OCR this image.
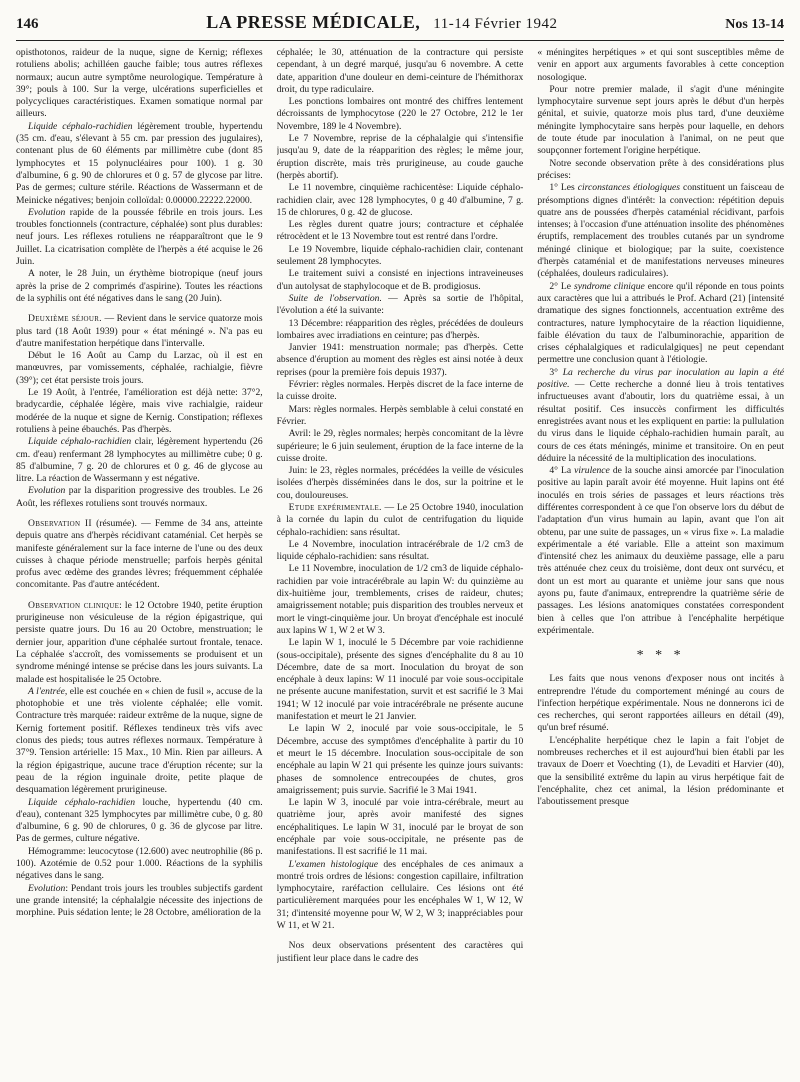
146	LA PRESSE MÉDICALE, 11-14 Février 1942	Nos 13-14

opisthotonos, raideur de la nuque, signe de Kernig; réflexes rotuliens abolis; achilléen gauche faible; tous autres réflexes normaux; aucun autre symptôme neurologique. Température à 39°; pouls à 100. Sur la verge, ulcérations superficielles et polycycliques caractéristiques. Examen somatique normal par ailleurs.

Liquide céphalo-rachidien légèrement trouble, hypertendu (35 cm. d'eau, s'élevant à 55 cm. par pression des jugulaires), contenant plus de 60 éléments par millimètre cube (dont 85 lymphocytes et 15 polynucléaires pour 100). 1 g. 30 d'albumine, 6 g. 90 de chlorures et 0 g. 57 de glycose par litre. Pas de germes; culture stérile. Réactions de Wassermann et de Meinicke négatives; benjoin colloïdal: 0.00000.22222.22000.

Evolution rapide de la poussée fébrile en trois jours. Les troubles fonctionnels (contracture, céphalée) sont plus durables: neuf jours. Les réflexes rotuliens ne réapparaîtront que le 9 Juillet. La cicatrisation complète de l'herpès a été acquise le 26 Juin.

A noter, le 28 Juin, un érythème biotropique (neuf jours après la prise de 2 comprimés d'aspirine). Toutes les réactions de la syphilis ont été négatives dans le sang (20 Juin).

Deuxième séjour. — Revient dans le service quatorze mois plus tard (18 Août 1939) pour « état méningé ». N'a pas eu d'autre manifestation herpétique dans l'intervalle.

Début le 16 Août au Camp du Larzac, où il est en manœuvres, par vomissements, céphalée, rachialgie, fièvre (39°); cet état persiste trois jours.

Le 19 Août, à l'entrée, l'amélioration est déjà nette: 37°2, bradycardie, céphalée légère, mais vive rachialgie, raideur modérée de la nuque et signe de Kernig. Constipation; réflexes rotuliens à peine ébauchés. Pas d'herpès.

Liquide céphalo-rachidien clair, légèrement hypertendu (26 cm. d'eau) renfermant 28 lymphocytes au millimètre cube; 0 g. 85 d'albumine, 7 g. 20 de chlorures et 0 g. 46 de glycose au litre. La réaction de Wassermann y est négative.

Evolution par la disparition progressive des troubles. Le 26 Août, les réflexes rotuliens sont trouvés normaux.

Observation II (résumée). — Femme de 34 ans, atteinte depuis quatre ans d'herpès récidivant cataménial. Cet herpès se manifeste généralement sur la face interne de l'une ou des deux cuisses à chaque période menstruelle; parfois herpès génital profus avec œdème des grandes lèvres; fréquemment céphalée concomitante. Pas d'autre antécédent.

Observation clinique: le 12 Octobre 1940, petite éruption prurigineuse non vésiculeuse de la région épigastrique, qui persiste quatre jours. Du 16 au 20 Octobre, menstruation; le dernier jour, apparition d'une céphalée surtout frontale, tenace. La céphalée s'accroît, des vomissements se produisent et un syndrome méningé intense se précise dans les jours suivants. La malade est hospitalisée le 25 Octobre.

A l'entrée, elle est couchée en « chien de fusil », accuse de la photophobie et une très violente céphalée; elle vomit. Contracture très marquée: raideur extrême de la nuque, signe de Kernig fortement positif. Réflexes tendineux très vifs avec clonus des pieds; tous autres réflexes normaux. Température à 37°9. Tension artérielle: 15 Max., 10 Min. Rien par ailleurs. A la région épigastrique, aucune trace d'éruption récente; sur la peau de la région inguinale droite, petite plaque de desquamation légèrement prurigineuse.

Liquide céphalo-rachidien louche, hypertendu (40 cm. d'eau), contenant 325 lymphocytes par millimètre cube, 0 g. 80 d'albumine, 6 g. 90 de chlorures, 0 g. 36 de glycose par litre. Pas de germes, culture négative.

Hémogramme: leucocytose (12.600) avec neutrophilie (86 p. 100). Azotémie de 0.52 pour 1.000. Réactions de la syphilis négatives dans le sang.

Evolution: Pendant trois jours les troubles subjectifs gardent une grande intensité; la céphalalgie nécessite des injections de morphine. Puis sédation lente; le 28 Octobre, amélioration de la

céphalée; le 30, atténuation de la contracture qui persiste cependant, à un degré marqué, jusqu'au 6 novembre. A cette date, apparition d'une douleur en demi-ceinture de l'hémithorax droit, du type radiculaire.

Les ponctions lombaires ont montré des chiffres lentement décroissants de lymphocytose (220 le 27 Octobre, 212 le 1er Novembre, 189 le 4 Novembre).

Le 7 Novembre, reprise de la céphalalgie qui s'intensifie jusqu'au 9, date de la réapparition des règles; le même jour, éruption discrète, mais très prurigineuse, au coude gauche (herpès abortif).

Le 11 novembre, cinquième rachicentèse: Liquide céphalo-rachidien clair, avec 128 lymphocytes, 0 g 40 d'albumine, 7 g. 15 de chlorures, 0 g. 42 de glucose.

Les règles durent quatre jours; contracture et céphalée rétrocèdent et le 13 Novembre tout est rentré dans l'ordre.

Le 19 Novembre, liquide céphalo-rachidien clair, contenant seulement 28 lymphocytes.

Le traitement suivi a consisté en injections intraveineuses d'un autolysat de staphylocoque et de B. prodigiosus.

Suite de l'observation. — Après sa sortie de l'hôpital, l'évolution a été la suivante:

13 Décembre: réapparition des règles, précédées de douleurs lombaires avec irradiations en ceinture; pas d'herpès.

Janvier 1941: menstruation normale; pas d'herpès. Cette absence d'éruption au moment des règles est ainsi notée à deux reprises (pour la première fois depuis 1937).

Février: règles normales. Herpès discret de la face interne de la cuisse droite.

Mars: règles normales. Herpès semblable à celui constaté en Février.

Avril: le 29, règles normales; herpès concomitant de la lèvre supérieure; le 6 juin seulement, éruption de la face interne de la cuisse droite.

Juin: le 23, règles normales, précédées la veille de vésicules isolées d'herpès disséminées dans le dos, sur la poitrine et le cou, douloureuses.

Etude expérimentale. — Le 25 Octobre 1940, inoculation à la cornée du lapin du culot de centrifugation du liquide céphalo-rachidien: sans résultat.

Le 4 Novembre, inoculation intracérébrale de 1/2 cm3 de liquide céphalo-rachidien: sans résultat.

Le 11 Novembre, inoculation de 1/2 cm3 de liquide céphalo-rachidien par voie intracérébrale au lapin W: du quinzième au dix-huitième jour, tremblements, crises de raideur, chutes; amaigrissement notable; puis disparition des troubles nerveux et mort le vingt-cinquième jour. Un broyat d'encéphale est inoculé aux lapins W 1, W 2 et W 3.

Le lapin W 1, inoculé le 5 Décembre par voie rachidienne (sous-occipitale), présente des signes d'encéphalite du 8 au 10 Décembre, date de sa mort. Inoculation du broyat de son encéphale à deux lapins: W 11 inoculé par voie sous-occipitale ne présente aucune manifestation, survit et est sacrifié le 3 Mai 1941; W 12 inoculé par voie intracérébrale ne présente aucune manifestation et meurt le 21 Janvier.

Le lapin W 2, inoculé par voie sous-occipitale, le 5 Décembre, accuse des symptômes d'encéphalite à partir du 10 et meurt le 15 décembre. Inoculation sous-occipitale de son encéphale au lapin W 21 qui présente les quinze jours suivants: phases de somnolence entrecoupées de chutes, gros amaigrissement; puis survie. Sacrifié le 3 Mai 1941.

Le lapin W 3, inoculé par voie intra-cérébrale, meurt au quatrième jour, après avoir manifesté des signes encéphalitiques. Le lapin W 31, inoculé par le broyat de son encéphale par voie sous-occipitale, ne présente pas de manifestations. Il est sacrifié le 11 mai.

L'examen histologique des encéphales de ces animaux a montré trois ordres de lésions: congestion capillaire, infiltration lymphocytaire, raréfaction cellulaire. Ces lésions ont été particulièrement marquées pour les encéphales W 1, W 12, W 31; d'intensité moyenne pour W, W 2, W 3; inappréciables pour W 11, et W 21.

Nos deux observations présentent des caractères qui justifient leur place dans le cadre des

« méningites herpétiques » et qui sont susceptibles même de venir en apport aux arguments favorables à cette conception nosologique.

Pour notre premier malade, il s'agit d'une méningite lymphocytaire survenue sept jours après le début d'un herpès génital, et suivie, quatorze mois plus tard, d'une deuxième méningite lymphocytaire sans herpès pour laquelle, en dehors de toute étude par inoculation à l'animal, on ne peut que soupçonner fortement l'origine herpétique.

Notre seconde observation prête à des considérations plus précises:

1° Les circonstances étiologiques constituent un faisceau de présomptions dignes d'intérêt: la convection: répétition depuis quatre ans de poussées d'herpès cataménial récidivant, parfois intenses; à l'occasion d'une atténuation insolite des phénomènes éruptifs, remplacement des troubles cutanés par un syndrome méningé clinique et biologique; par la suite, coexistence d'herpès cataménial et de manifestations nerveuses mineures (céphalées, douleurs radiculaires).

2° Le syndrome clinique encore qu'il réponde en tous points aux caractères que lui a attribués le Prof. Achard (21) [intensité dramatique des signes fonctionnels, accentuation extrême des contractures, nature lymphocytaire de la réaction liquidienne, faible élévation du taux de l'albuminorachie, apparition de crises céphalalgiques et radiculalgiques] ne peut cependant permettre une conclusion quant à l'étiologie.

3° La recherche du virus par inoculation au lapin a été positive. — Cette recherche a donné lieu à trois tentatives infructueuses avant d'aboutir, lors du quatrième essai, à un résultat positif. Ces insuccès confirment les difficultés enregistrées avant nous et les expliquent en partie: la pullulation du virus dans le liquide céphalo-rachidien humain paraît, au cours de ces états méningés, minime et transitoire. On en peut déduire la nécessité de la multiplication des inoculations.

4° La virulence de la souche ainsi amorcée par l'inoculation positive au lapin paraît avoir été moyenne. Huit lapins ont été inoculés en trois séries de passages et leurs réactions très différentes correspondent à ce que l'on observe lors du début de l'adaptation d'un virus humain au lapin, avant que l'on ait obtenu, par une suite de passages, un « virus fixe ». La maladie expérimentale a été variable. Elle a atteint son maximum d'intensité chez les animaux du deuxième passage, elle a paru très atténuée chez ceux du troisième, dont deux ont survécu, et dont un est mort au quarante et unième jour sans que nous ayons pu, faute d'animaux, entreprendre la quatrième série de passages. Les lésions anatomiques constatées correspondent bien à celles que l'on attribue à l'encéphalite herpétique expérimentale.

* * *

Les faits que nous venons d'exposer nous ont incités à entreprendre l'étude du comportement méningé au cours de l'infection herpétique expérimentale. Nous ne donnerons ici de ces recherches, qui seront rapportées ailleurs en détail (49), qu'un bref résumé.

L'encéphalite herpétique chez le lapin a fait l'objet de nombreuses recherches et il est aujourd'hui bien établi par les travaux de Doerr et Voechting (1), de Levaditi et Harvier (40), que la sensibilité extrême du lapin au virus herpétique fait de l'encéphalite, chez cet animal, la lésion prédominante et l'aboutissement presque
